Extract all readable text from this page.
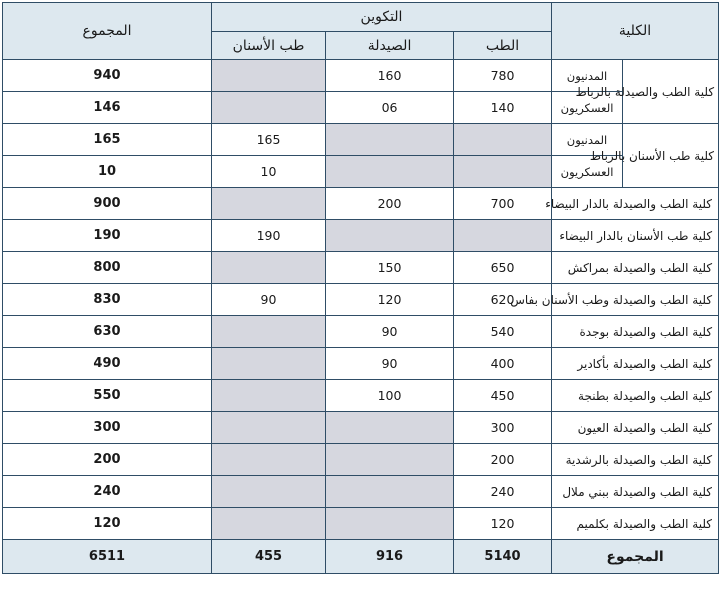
الكلية		التكوين			المجموع
		الطب	الصيدلة	طب الأسنان	
كلية الطب والصيدلة بالرباط	المدنيون	780	160		940
	العسكريون	140	06		146
كلية طب الأسنان بالرباط	المدنيون			165	165
	العسكريون			10	10
كلية الطب والصيدلة بالدار البيضاء		700	200		900
كلية طب الأسنان بالدار البيضاء				190	190
كلية الطب والصيدلة بمراكش		650	150		800
كلية الطب والصيدلة وطب الأسنان بفاس		620	120	90	830
كلية الطب والصيدلة بوجدة		540	90		630
كلية الطب والصيدلة بأكادير		400	90		490
كلية الطب والصيدلة بطنجة		450	100		550
كلية الطب والصيدلة العيون		300			300
كلية الطب والصيدلة بالرشدية		200			200
كلية الطب والصيدلة ببني ملال		240			240
كلية الطب والصيدلة بكلميم		120			120
المجموع		5140	916	455	6511
